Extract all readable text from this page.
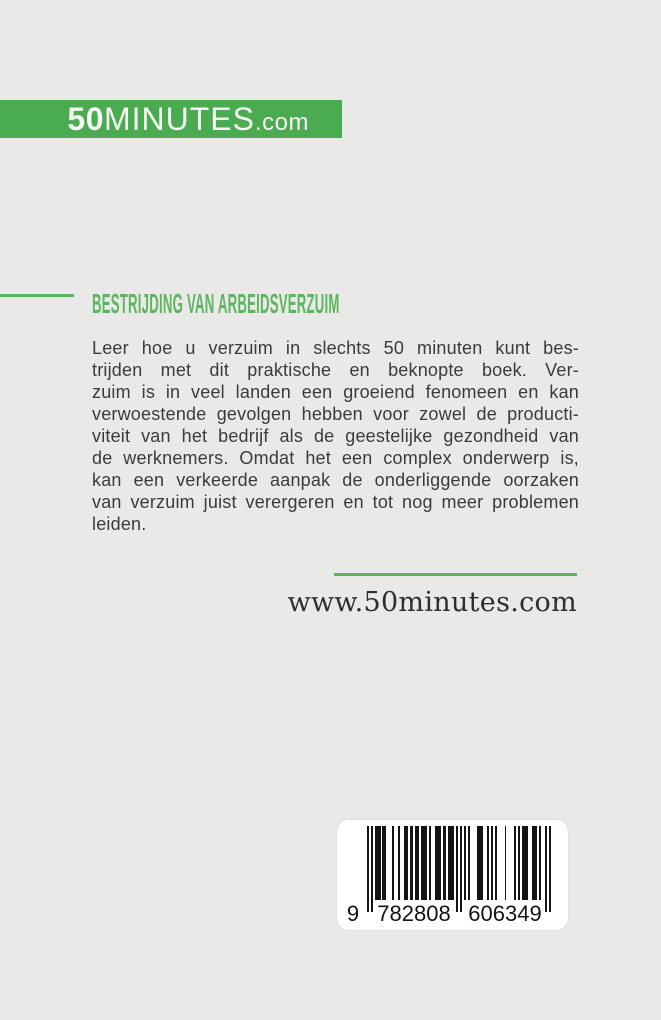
50MINUTES.com
BESTRIJDING VAN ARBEIDSVERZUIM
Leer hoe u verzuim in slechts 50 minuten kunt bes-
trijden met dit praktische en beknopte boek. Ver-
zuim is in veel landen een groeiend fenomeen en kan
verwoestende gevolgen hebben voor zowel de producti-
viteit van het bedrijf als de geestelijke gezondheid van
de werknemers. Omdat het een complex onderwerp is,
kan een verkeerde aanpak de onderliggende oorzaken
van verzuim juist verergeren en tot nog meer problemen
leiden.
www.50minutes.com
9 782808 606349
